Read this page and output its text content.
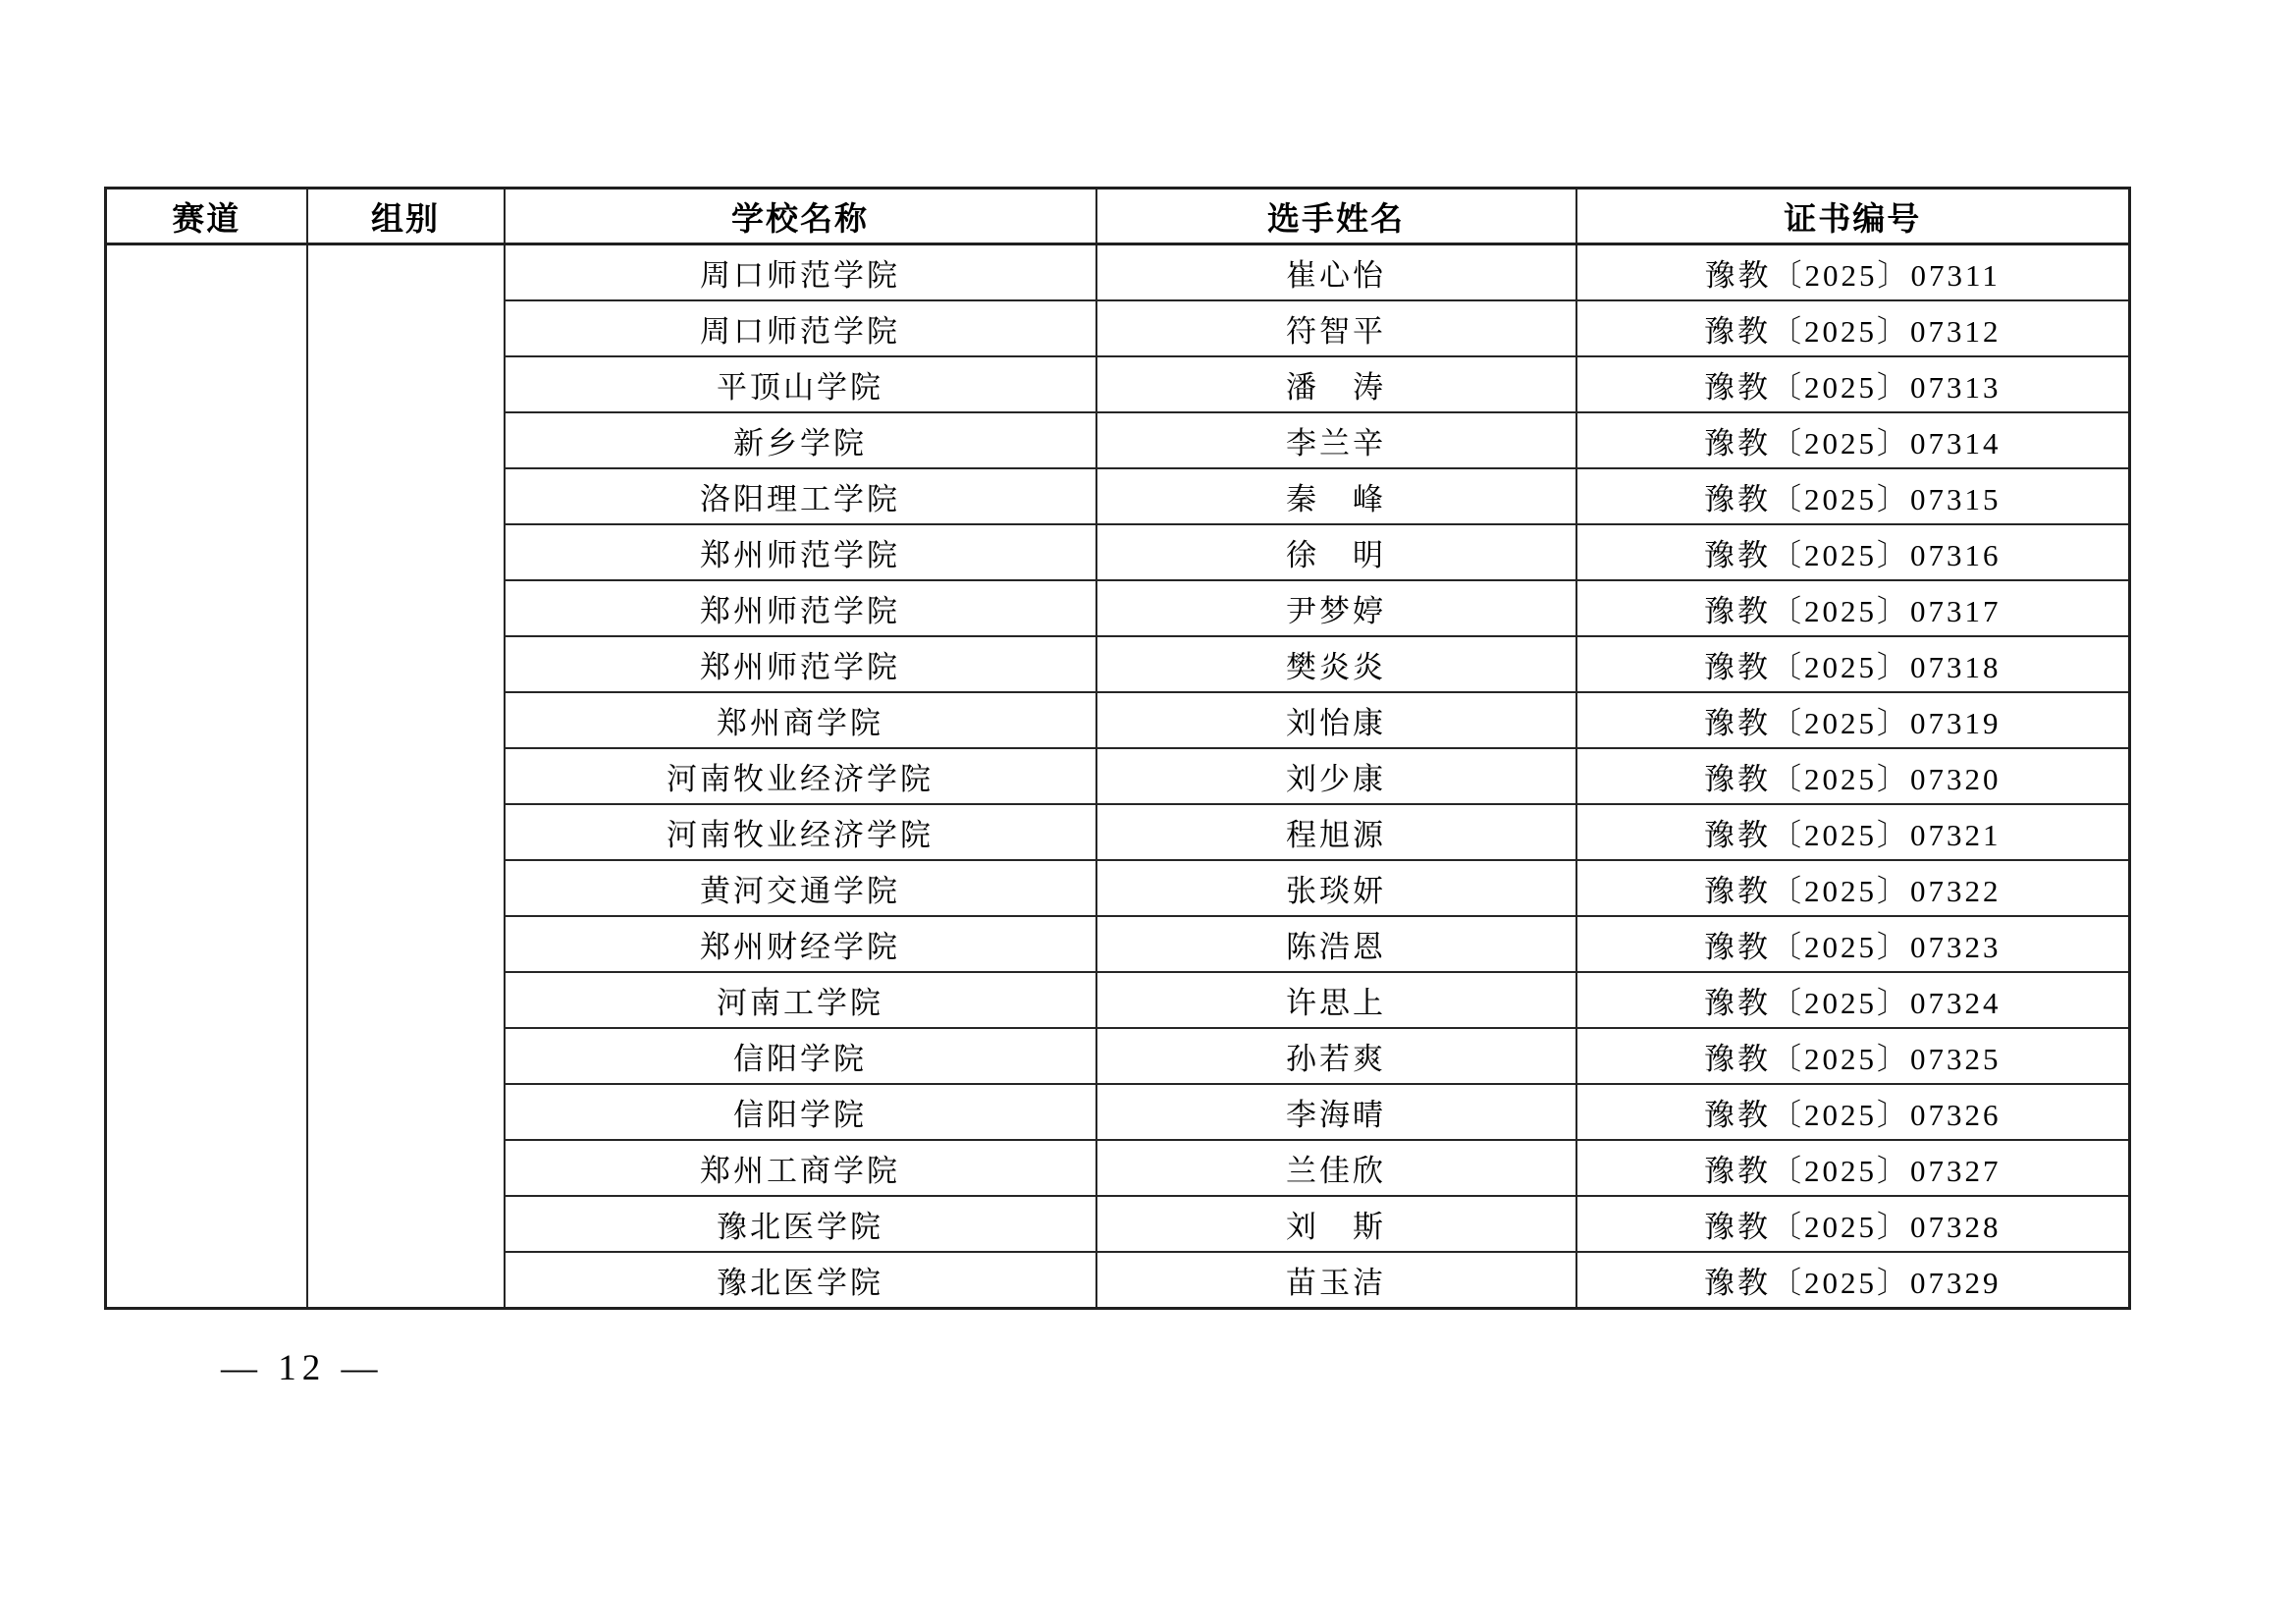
赛道	组别	学校名称	选手姓名	证书编号
		周口师范学院	崔心怡	豫教〔2025〕07311
		周口师范学院	符智平	豫教〔2025〕07312
		平顶山学院	潘　涛	豫教〔2025〕07313
		新乡学院	李兰辛	豫教〔2025〕07314
		洛阳理工学院	秦　峰	豫教〔2025〕07315
		郑州师范学院	徐　明	豫教〔2025〕07316
		郑州师范学院	尹梦婷	豫教〔2025〕07317
		郑州师范学院	樊炎炎	豫教〔2025〕07318
		郑州商学院	刘怡康	豫教〔2025〕07319
		河南牧业经济学院	刘少康	豫教〔2025〕07320
		河南牧业经济学院	程旭源	豫教〔2025〕07321
		黄河交通学院	张琰妍	豫教〔2025〕07322
		郑州财经学院	陈浩恩	豫教〔2025〕07323
		河南工学院	许思上	豫教〔2025〕07324
		信阳学院	孙若爽	豫教〔2025〕07325
		信阳学院	李海晴	豫教〔2025〕07326
		郑州工商学院	兰佳欣	豫教〔2025〕07327
		豫北医学院	刘　斯	豫教〔2025〕07328
		豫北医学院	苗玉洁	豫教〔2025〕07329
— 12 —
